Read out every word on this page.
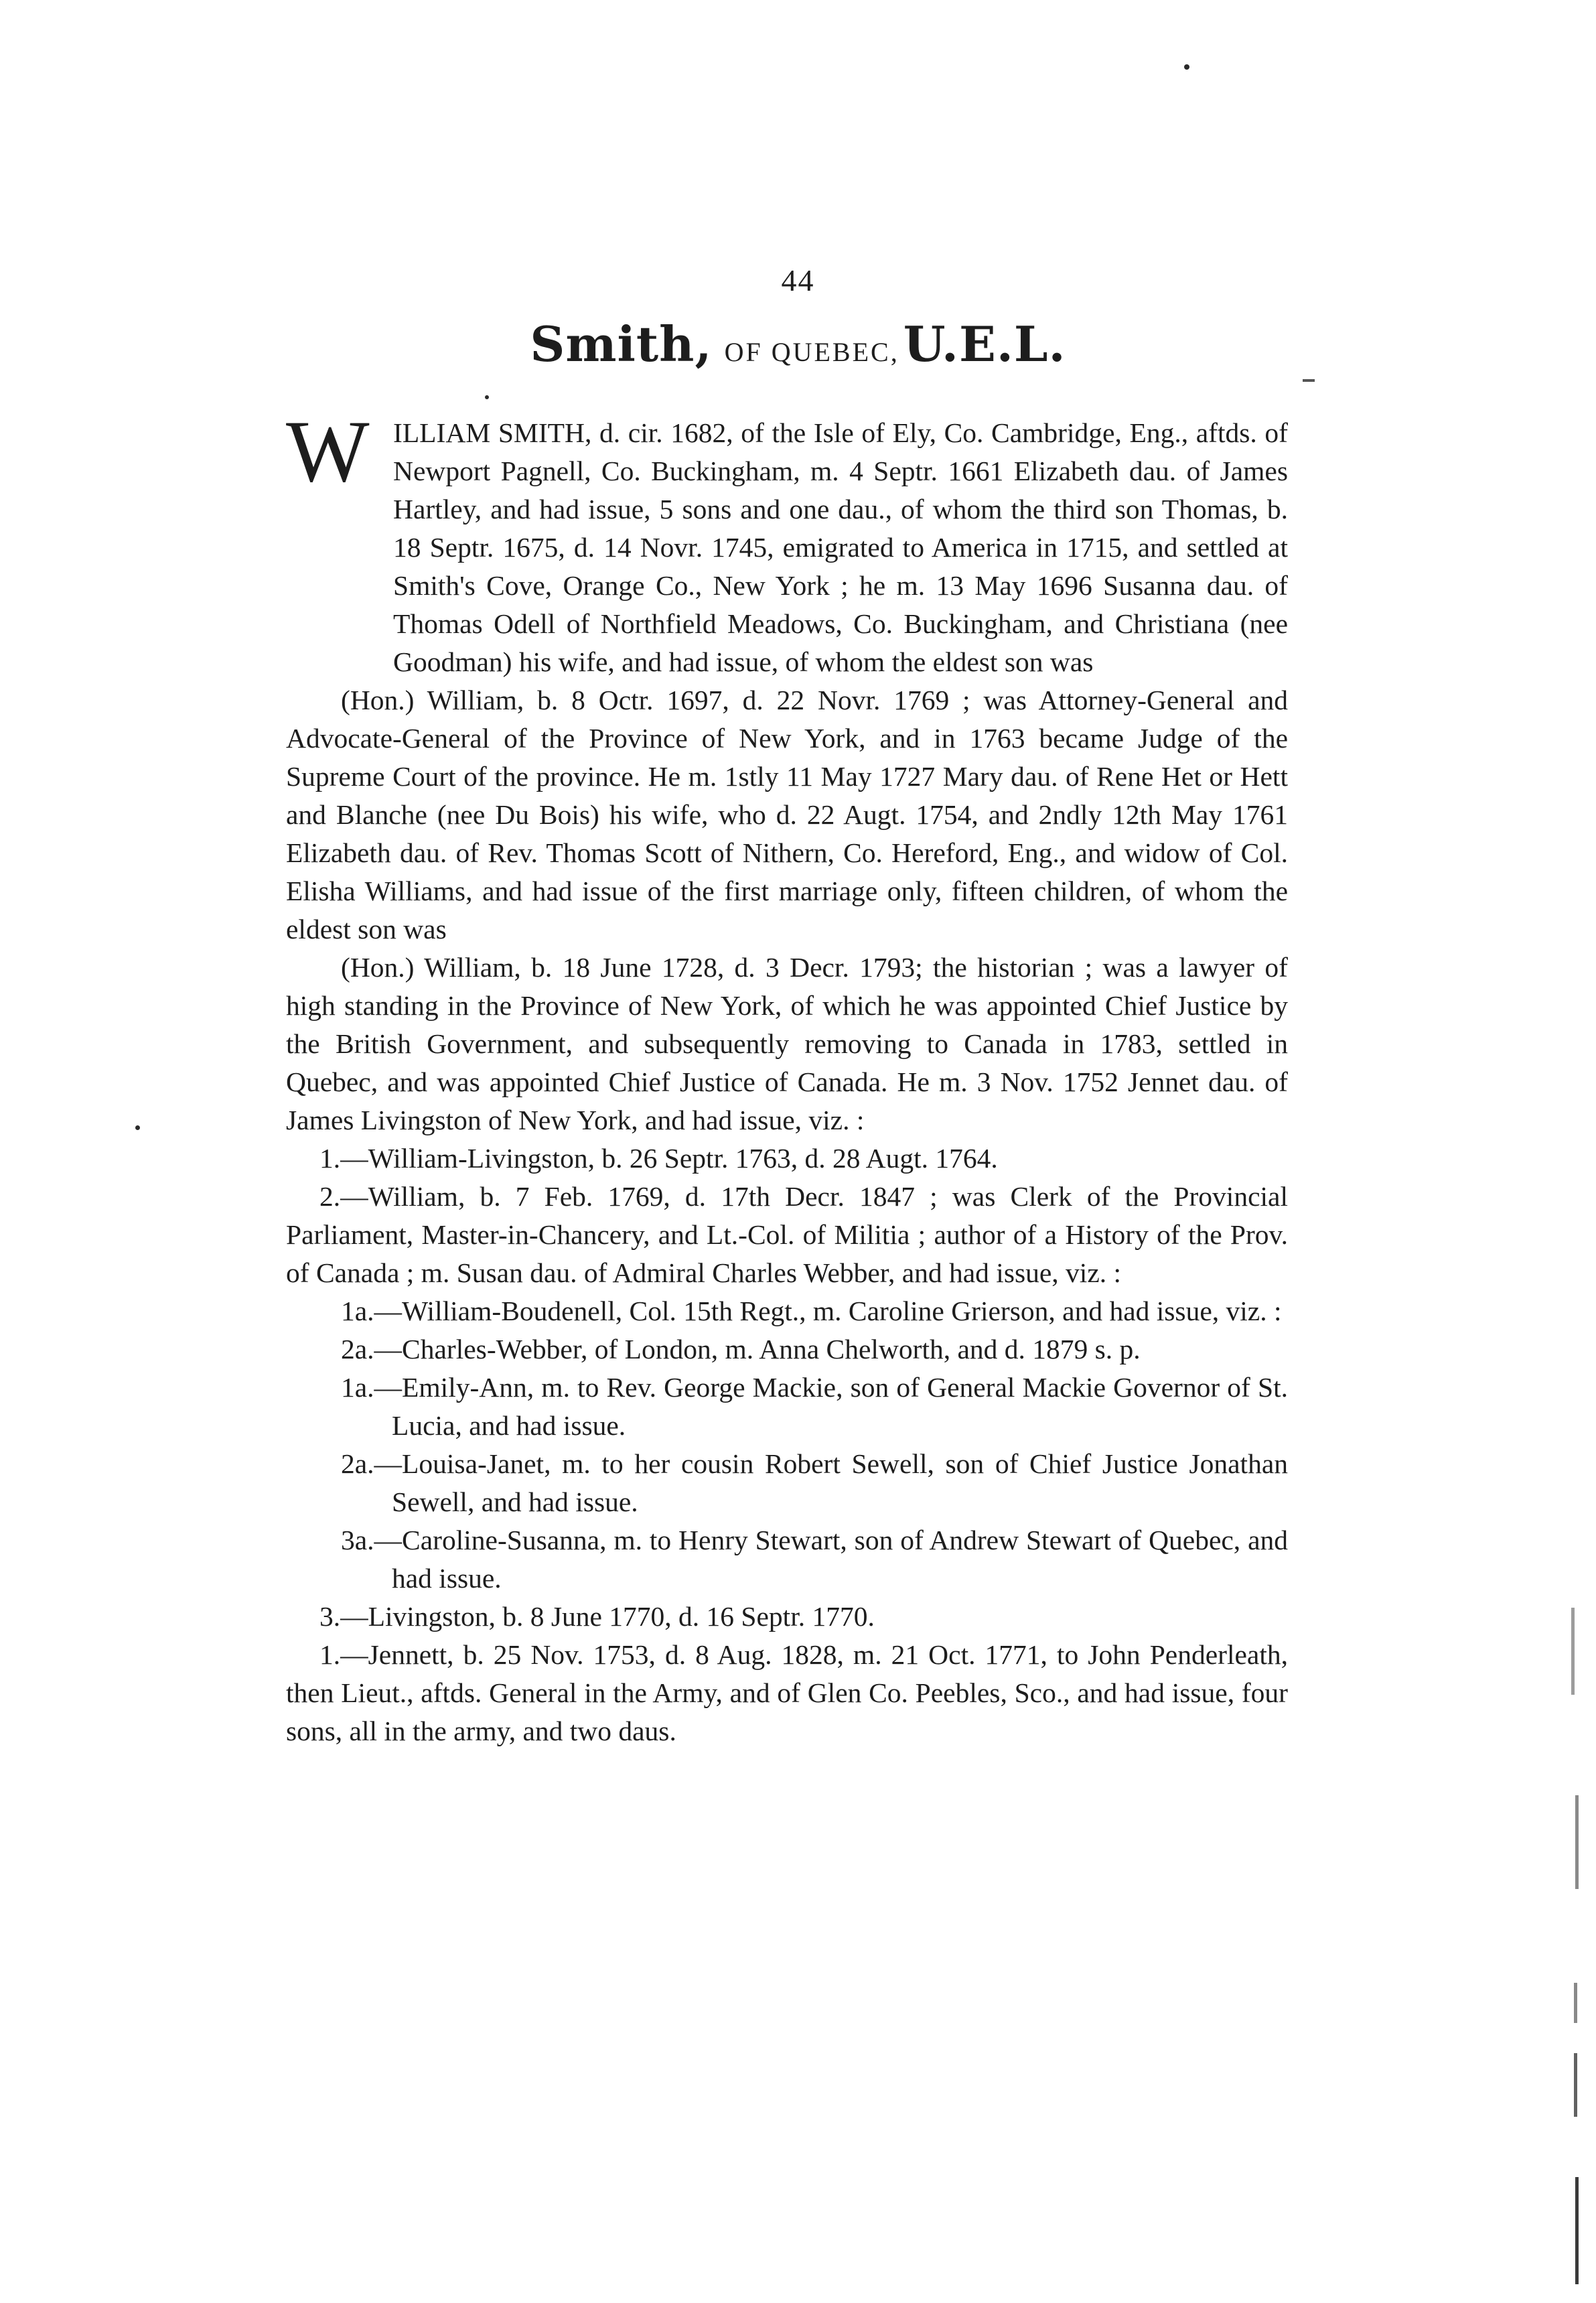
44
Smith, OF QUEBEC,U.E.L.

W ILLIAM SMITH, d. cir. 1682, of the Isle of Ely, Co. Cambridge, Eng., aftds. of Newport Pagnell, Co. Buckingham, m. 4 Septr. 1661 Elizabeth dau. of James Hartley, and had issue, 5 sons and one dau., of whom the third son Thomas, b. 18 Septr. 1675, d. 14 Novr. 1745, emigrated to America in 1715, and settled at Smith's Cove, Orange Co., New York ; he m. 13 May 1696 Susanna dau. of Thomas Odell of Northfield Meadows, Co. Buckingham, and Christiana (nee Goodman) his wife, and had issue, of whom the eldest son was

(Hon.) William, b. 8 Octr. 1697, d. 22 Novr. 1769 ; was Attorney-General and Advocate-General of the Province of New York, and in 1763 became Judge of the Supreme Court of the province. He m. 1stly 11 May 1727 Mary dau. of Rene Het or Hett and Blanche (nee Du Bois) his wife, who d. 22 Augt. 1754, and 2ndly 12th May 1761 Elizabeth dau. of Rev. Thomas Scott of Nithern, Co. Hereford, Eng., and widow of Col. Elisha Williams, and had issue of the first marriage only, fifteen children, of whom the eldest son was

(Hon.) William, b. 18 June 1728, d. 3 Decr. 1793; the historian ; was a lawyer of high standing in the Province of New York, of which he was appointed Chief Justice by the British Government, and subsequently removing to Canada in 1783, settled in Quebec, and was appointed Chief Justice of Canada. He m. 3 Nov. 1752 Jennet dau. of James Livingston of New York, and had issue, viz. :

1.—William-Livingston, b. 26 Septr. 1763, d. 28 Augt. 1764.

2.—William, b. 7 Feb. 1769, d. 17th Decr. 1847 ; was Clerk of the Provincial Parliament, Master-in-Chancery, and Lt.-Col. of Militia ; author of a History of the Prov. of Canada ; m. Susan dau. of Admiral Charles Webber, and had issue, viz. :

1a.—William-Boudenell, Col. 15th Regt., m. Caroline Grierson, and had issue, viz. :

2a.—Charles-Webber, of London, m. Anna Chelworth, and d. 1879 s. p.

1a.—Emily-Ann, m. to Rev. George Mackie, son of General Mackie Governor of St. Lucia, and had issue.

2a.—Louisa-Janet, m. to her cousin Robert Sewell, son of Chief Justice Jonathan Sewell, and had issue.

3a.—Caroline-Susanna, m. to Henry Stewart, son of Andrew Stewart of Quebec, and had issue.

3.—Livingston, b. 8 June 1770, d. 16 Septr. 1770.

1.—Jennett, b. 25 Nov. 1753, d. 8 Aug. 1828, m. 21 Oct. 1771, to John Penderleath, then Lieut., aftds. General in the Army, and of Glen Co. Peebles, Sco., and had issue, four sons, all in the army, and two daus.
